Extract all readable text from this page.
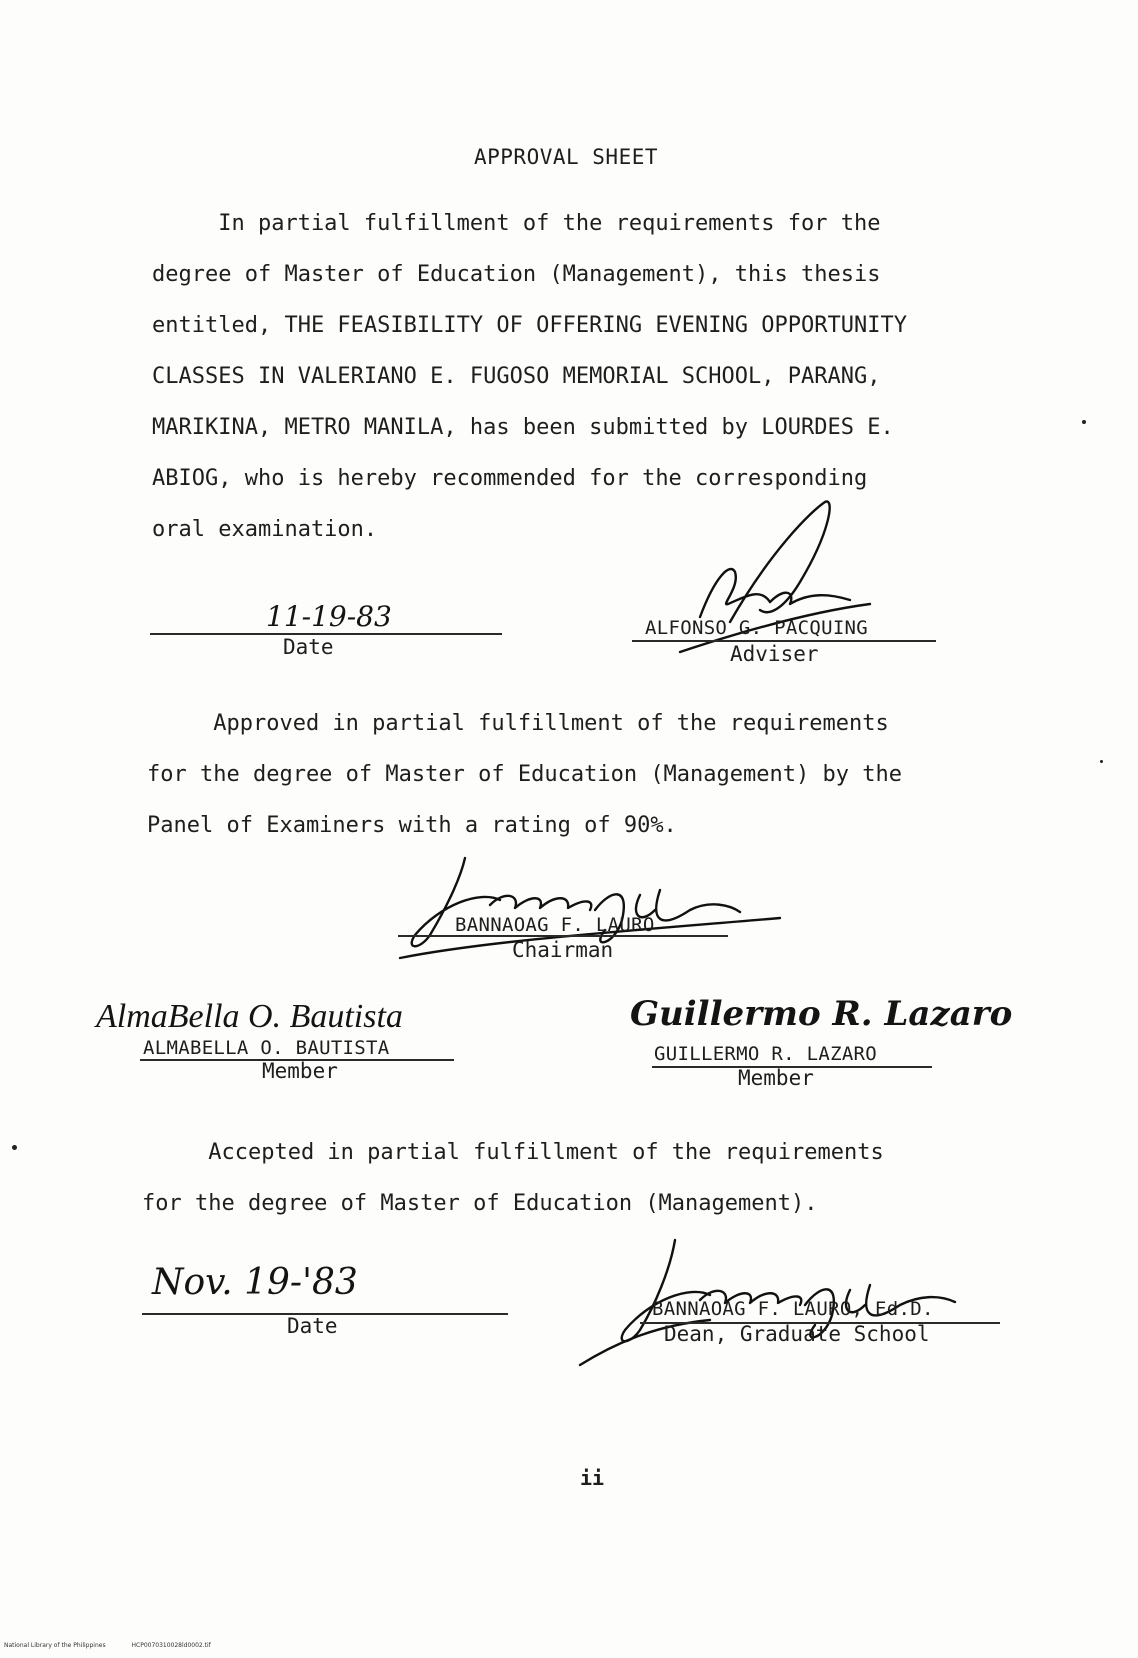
APPROVAL SHEET
In partial fulfillment of the requirements for the
degree of Master of Education (Management), this thesis
entitled, THE FEASIBILITY OF OFFERING EVENING OPPORTUNITY
CLASSES IN VALERIANO E. FUGOSO MEMORIAL SCHOOL, PARANG,
MARIKINA, METRO MANILA, has been submitted by LOURDES E.
ABIOG, who is hereby recommended for the corresponding
oral examination.
11-19-83
Date
ALFONSO G. PACQUING
Adviser
Approved in partial fulfillment of the requirements
for the degree of Master of Education (Management) by the
Panel of Examiners with a rating of 90%.
BANNAOAG F. LAURO
Chairman
AlmaBella O. Bautista
ALMABELLA O. BAUTISTA
Member
Guillermo R. Lazaro
GUILLERMO R. LAZARO
Member
Accepted in partial fulfillment of the requirements
for the degree of Master of Education (Management).
Nov. 19-'83
Date
BANNAOAG F. LAURO, Ed.D.
Dean, Graduate School
ii
National Library of the Philippines	HCP0070310028ld0002.tif
